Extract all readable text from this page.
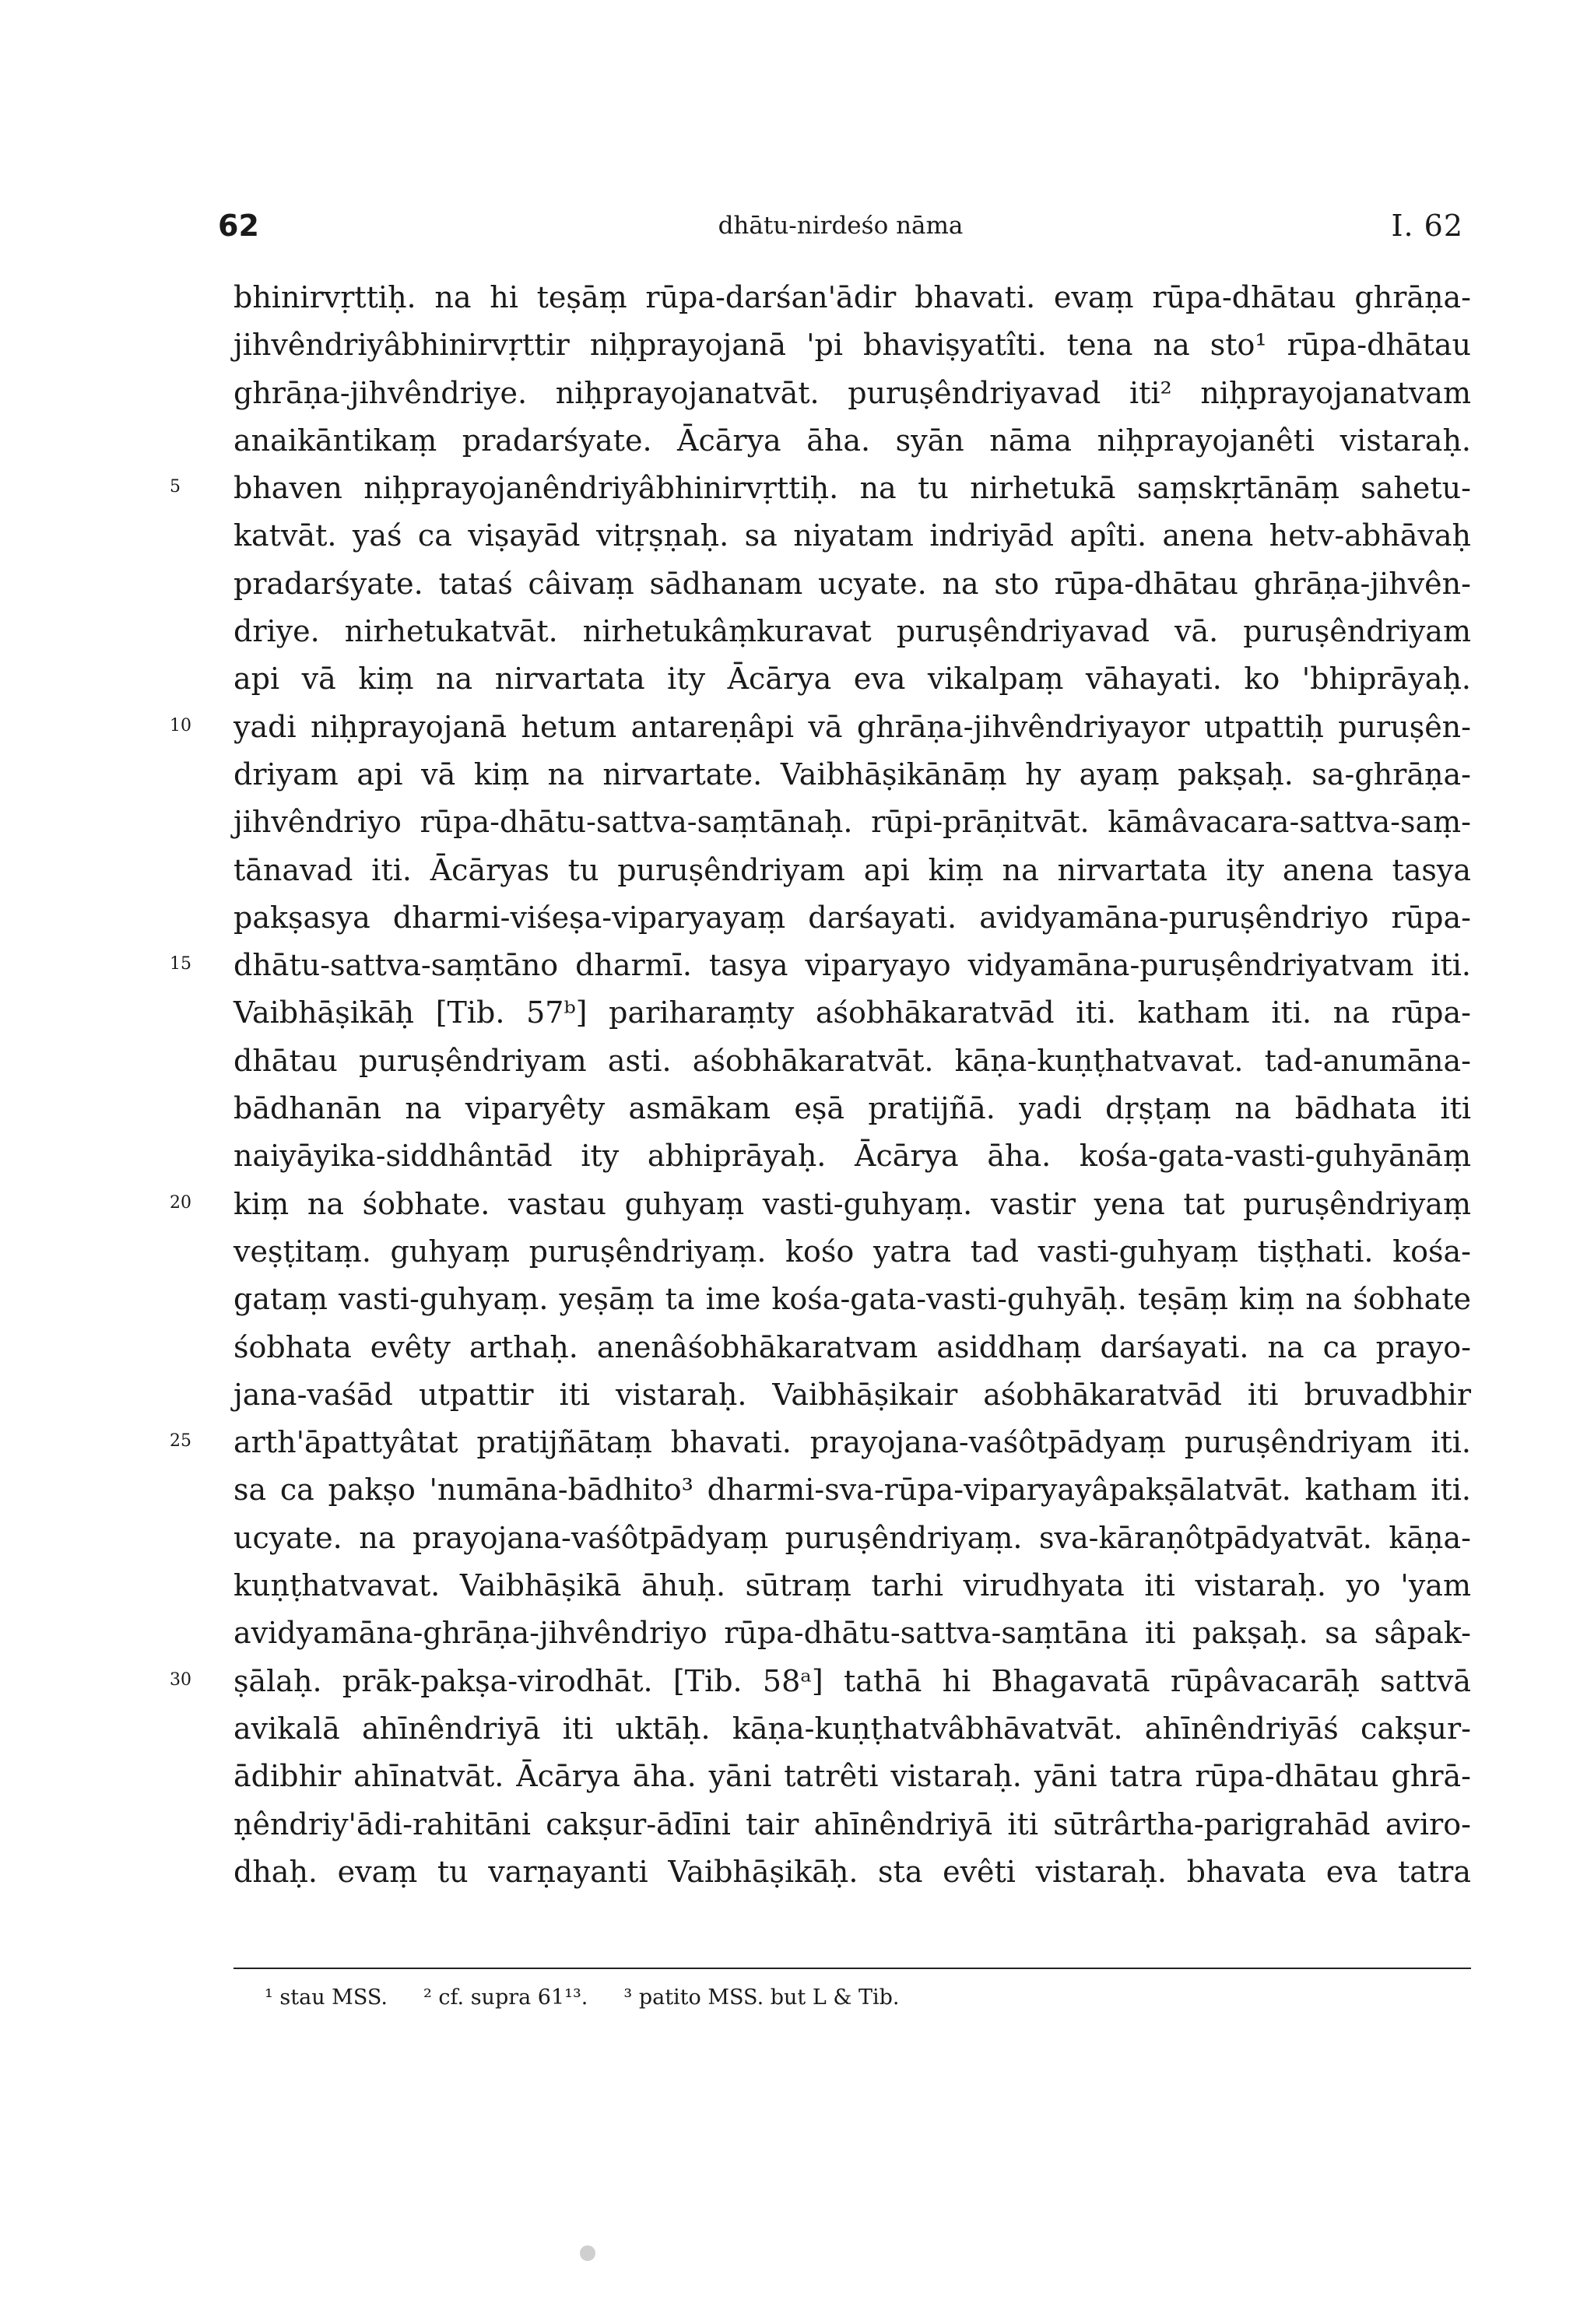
62	dhātu-nirdeśo nāma	I. 62
bhinirvṛttiḥ. na hi teṣāṃ rūpa-darśan'ādir bhavati. evaṃ rūpa-dhātau ghrāṇa-
jihvêndriyâbhinirvṛttir niḥprayojanā 'pi bhaviṣyatîti. tena na sto¹ rūpa-dhātau
ghrāṇa-jihvêndriye. niḥprayojanatvāt. puruṣêndriyavad iti² niḥprayojanatvam
anaikāntikaṃ pradarśyate. Ācārya āha. syān nāma niḥprayojanêti vistaraḥ.
5	bhaven niḥprayojanêndriyâbhinirvṛttiḥ. na tu nirhetukā saṃskṛtānāṃ sahetu-
katvāt. yaś ca viṣayād vitṛṣṇaḥ. sa niyatam indriyād apîti. anena hetv-abhāvaḥ
pradarśyate. tataś câivaṃ sādhanam ucyate. na sto rūpa-dhātau ghrāṇa-jihvên-
driye. nirhetukatvāt. nirhetukâṃkuravat puruṣêndriyavad vā. puruṣêndriyam
api vā kiṃ na nirvartata ity Ācārya eva vikalpaṃ vāhayati. ko 'bhiprāyaḥ.
10	yadi niḥprayojanā hetum antareṇâpi vā ghrāṇa-jihvêndriyayor utpattiḥ puruṣên-
driyam api vā kiṃ na nirvartate. Vaibhāṣikānāṃ hy ayaṃ pakṣaḥ. sa-ghrāṇa-
jihvêndriyo rūpa-dhātu-sattva-saṃtānaḥ. rūpi-prāṇitvāt. kāmâvacara-sattva-saṃ-
tānavad iti. Ācāryas tu puruṣêndriyam api kiṃ na nirvartata ity anena tasya
pakṣasya dharmi-viśeṣa-viparyayaṃ darśayati. avidyamāna-puruṣêndriyo rūpa-
15	dhātu-sattva-saṃtāno dharmī. tasya viparyayo vidyamāna-puruṣêndriyatvam iti.
Vaibhāṣikāḥ [Tib. 57ᵇ] pariharaṃty aśobhākaratvād iti. katham iti. na rūpa-
dhātau puruṣêndriyam asti. aśobhākaratvāt. kāṇa-kuṇṭhatvavat. tad-anumāna-
bādhanān na viparyêty asmākam eṣā pratijñā. yadi dṛṣṭaṃ na bādhata iti
naiyāyika-siddhântād ity abhiprāyaḥ. Ācārya āha. kośa-gata-vasti-guhyānāṃ
20	kiṃ na śobhate. vastau guhyaṃ vasti-guhyaṃ. vastir yena tat puruṣêndriyaṃ
veṣṭitaṃ. guhyaṃ puruṣêndriyaṃ. kośo yatra tad vasti-guhyaṃ tiṣṭhati. kośa-
gataṃ vasti-guhyaṃ. yeṣāṃ ta ime kośa-gata-vasti-guhyāḥ. teṣāṃ kiṃ na śobhate
śobhata evêty arthaḥ. anenâśobhākaratvam asiddhaṃ darśayati. na ca prayo-
jana-vaśād utpattir iti vistaraḥ. Vaibhāṣikair aśobhākaratvād iti bruvadbhir
25	arth'āpattyâtat pratijñātaṃ bhavati. prayojana-vaśôtpādyaṃ puruṣêndriyam iti.
sa ca pakṣo 'numāna-bādhito³ dharmi-sva-rūpa-viparyayâpakṣālatvāt. katham iti.
ucyate. na prayojana-vaśôtpādyaṃ puruṣêndriyaṃ. sva-kāraṇôtpādyatvāt. kāṇa-
kuṇṭhatvavat. Vaibhāṣikā āhuḥ. sūtraṃ tarhi virudhyata iti vistaraḥ. yo 'yam
avidyamāna-ghrāṇa-jihvêndriyo rūpa-dhātu-sattva-saṃtāna iti pakṣaḥ. sa sâpak-
30	ṣālaḥ. prāk-pakṣa-virodhāt. [Tib. 58ᵃ] tathā hi Bhagavatā rūpâvacarāḥ sattvā
avikalā ahīnêndriyā iti uktāḥ. kāṇa-kuṇṭhatvâbhāvatvāt. ahīnêndriyāś cakṣur-
ādibhir ahīnatvāt. Ācārya āha. yāni tatrêti vistaraḥ. yāni tatra rūpa-dhātau ghrā-
ṇêndriy'ādi-rahitāni cakṣur-ādīni tair ahīnêndriyā iti sūtrârtha-parigrahād aviro-
dhaḥ. evaṃ tu varṇayanti Vaibhāṣikāḥ. sta evêti vistaraḥ. bhavata eva tatra
¹ stau MSS. ² cf. supra 61¹³. ³ patito MSS. but L & Tib.
